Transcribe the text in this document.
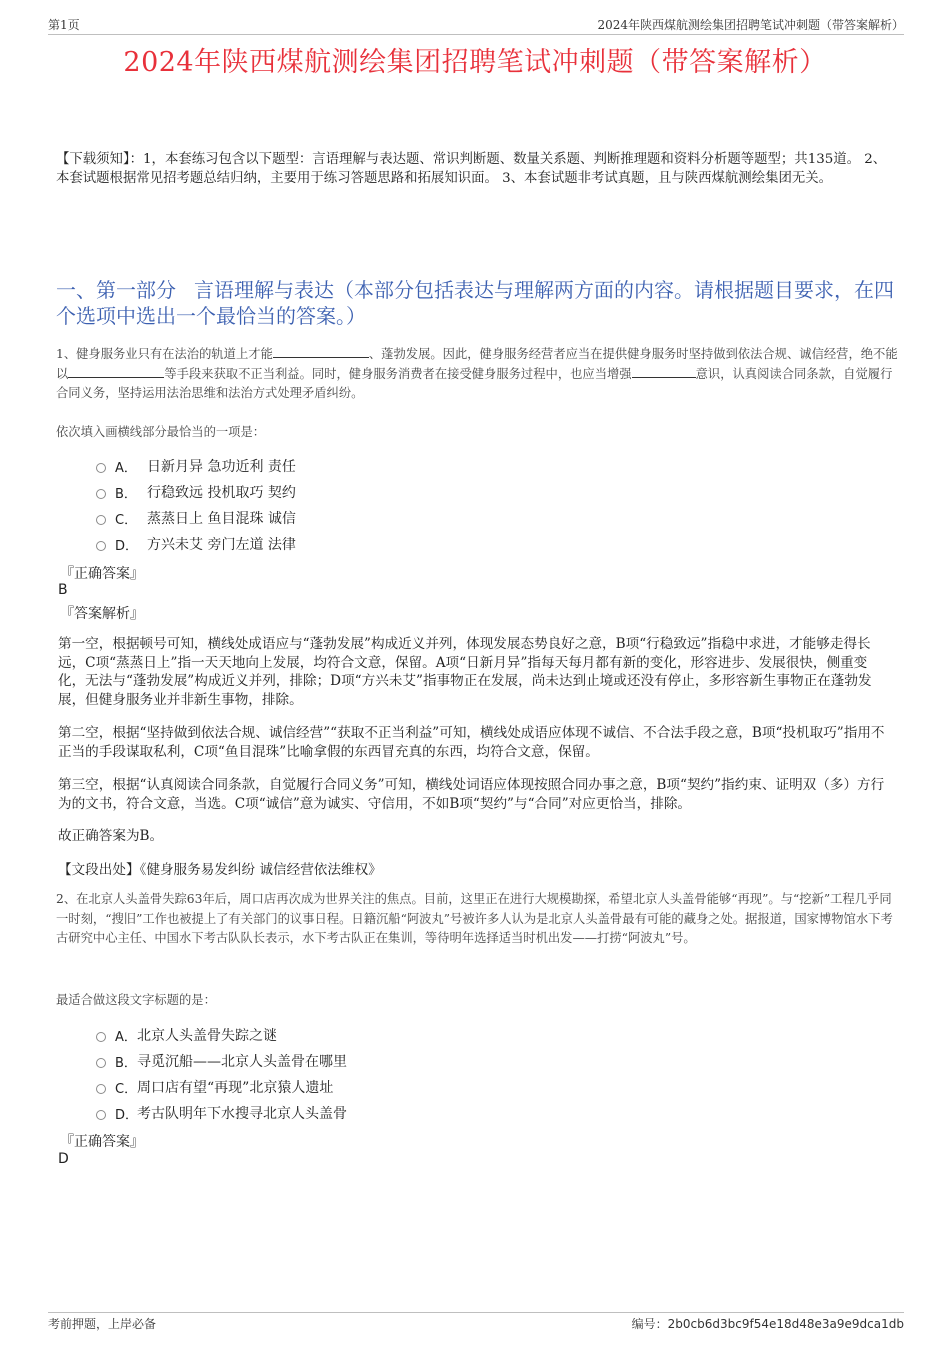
第1页	2024年陕西煤航测绘集团招聘笔试冲刺题（带答案解析）
2024年陕西煤航测绘集团招聘笔试冲刺题（带答案解析）
【下载须知】：1，本套练习包含以下题型：言语理解与表达题、常识判断题、数量关系题、判断推理题和资料分析题等题型；共135道。 2、本套试题根据常见招考题总结归纳，主要用于练习答题思路和拓展知识面。 3、本套试题非考试真题，且与陕西煤航测绘集团无关。
一、第一部分 言语理解与表达（本部分包括表达与理解两方面的内容。请根据题目要求，在四个选项中选出一个最恰当的答案。）
1、健身服务业只有在法治的轨道上才能	、蓬勃发展。因此，健身服务经营者应当在提供健身服务时坚持做到依法合规、诚信经营，绝不能以	等手段来获取不正当利益。同时，健身服务消费者在接受健身服务过程中，也应当增强	意识，认真阅读合同条款，自觉履行合同义务，坚持运用法治思维和法治方式处理矛盾纠纷。
依次填入画横线部分最恰当的一项是：
A． 日新月异 急功近利 责任
B． 行稳致远 投机取巧 契约
C． 蒸蒸日上 鱼目混珠 诚信
D． 方兴未艾 旁门左道 法律
『正确答案』
B
『答案解析』
第一空，根据顿号可知，横线处成语应与“蓬勃发展”构成近义并列，体现发展态势良好之意，B项“行稳致远”指稳中求进，才能够走得长远，C项“蒸蒸日上”指一天天地向上发展，均符合文意，保留。A项“日新月异”指每天每月都有新的变化，形容进步、发展很快，侧重变化，无法与“蓬勃发展”构成近义并列，排除；D项“方兴未艾”指事物正在发展，尚未达到止境或还没有停止，多形容新生事物正在蓬勃发展，但健身服务业并非新生事物，排除。
第二空，根据“坚持做到依法合规、诚信经营”“获取不正当利益”可知，横线处成语应体现不诚信、不合法手段之意，B项“投机取巧”指用不正当的手段谋取私利，C项“鱼目混珠”比喻拿假的东西冒充真的东西，均符合文意，保留。
第三空，根据“认真阅读合同条款，自觉履行合同义务”可知，横线处词语应体现按照合同办事之意，B项“契约”指约束、证明双（多）方行为的文书，符合文意，当选。C项“诚信”意为诚实、守信用，不如B项“契约”与“合同”对应更恰当，排除。
故正确答案为B。
【文段出处】《健身服务易发纠纷 诚信经营依法维权》
2、在北京人头盖骨失踪63年后，周口店再次成为世界关注的焦点。目前，这里正在进行大规模勘探，希望北京人头盖骨能够“再现”。与“挖新”工程几乎同一时刻，“搜旧”工作也被提上了有关部门的议事日程。日籍沉船“阿波丸”号被许多人认为是北京人头盖骨最有可能的藏身之处。据报道，国家博物馆水下考古研究中心主任、中国水下考古队队长表示，水下考古队正在集训，等待明年选择适当时机出发——打捞“阿波丸”号。
最适合做这段文字标题的是：
A． 北京人头盖骨失踪之谜
B． 寻觅沉船——北京人头盖骨在哪里
C． 周口店有望“再现”北京猿人遗址
D．
考古队明年下水搜寻北京人头盖骨
『正确答案』
D
考前押题，上岸必备	编号：2b0cb6d3bc9f54e18d48e3a9e9dca1db
